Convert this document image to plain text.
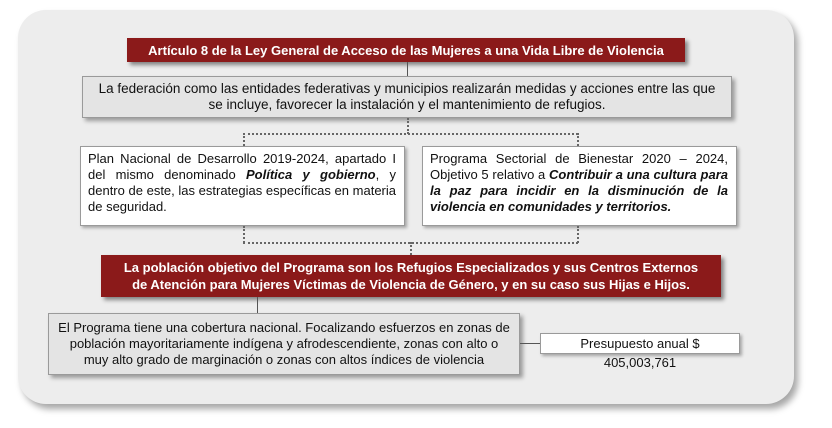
Artículo 8 de la Ley General de Acceso de las Mujeres a una Vida Libre de Violencia
La federación como las entidades federativas y municipios realizarán medidas y acciones entre las que se incluye, favorecer la instalación y el mantenimiento de refugios.
Plan Nacional de Desarrollo 2019-2024, apartado I del mismo denominado Política y gobierno, y dentro de este, las estrategias específicas en materia de seguridad.
Programa Sectorial de Bienestar 2020 – 2024, Objetivo 5 relativo a Contribuir a una cultura para la paz para incidir en la disminución de la violencia en comunidades y territorios.
La población objetivo del Programa son los Refugios Especializados y sus Centros Externos de Atención para Mujeres Víctimas de Violencia de Género, y en su caso sus Hijas e Hijos.
El Programa tiene una cobertura nacional. Focalizando esfuerzos en zonas de población mayoritariamente indígena y afrodescendiente, zonas con alto o muy alto grado de marginación o zonas con altos índices de violencia
Presupuesto anual $ 405,003,761
